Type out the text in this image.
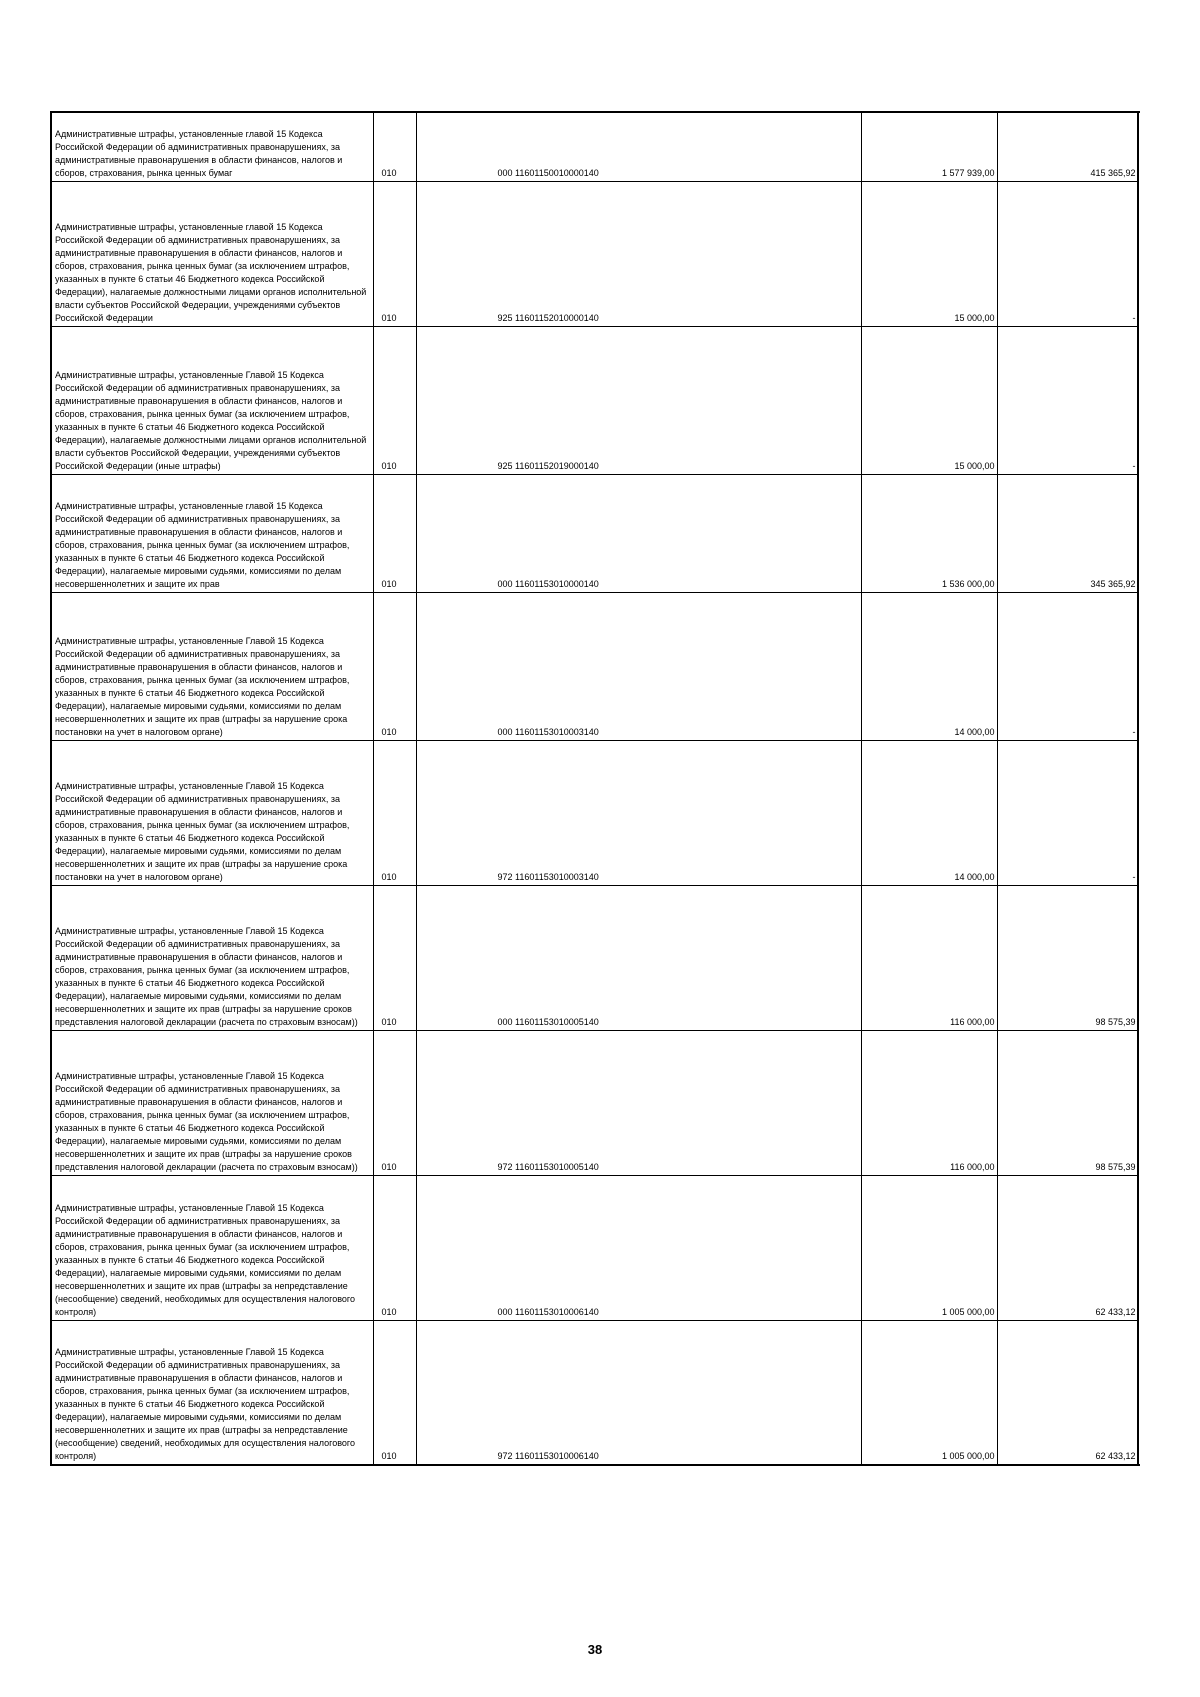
Административные штрафы, установленные главой 15 Кодекса Российской Федерации об административных правонарушениях, за административные правонарушения в области финансов, налогов и сборов, страхования, рынка ценных бумаг	010	000 11601150010000140	1 577 939,00	415 365,92	
Административные штрафы, установленные главой 15 Кодекса Российской Федерации об административных правонарушениях, за административные правонарушения в области финансов, налогов и сборов, страхования, рынка ценных бумаг (за исключением штрафов, указанных в пункте 6 статьи 46 Бюджетного кодекса Российской Федерации), налагаемые должностными лицами органов исполнительной власти субъектов Российской Федерации, учреждениями субъектов Российской Федерации	010	925 11601152010000140	15 000,00	-	
Административные штрафы, установленные Главой 15 Кодекса Российской Федерации об административных правонарушениях, за административные правонарушения в области финансов, налогов и сборов, страхования, рынка ценных бумаг (за исключением штрафов, указанных в пункте 6 статьи 46 Бюджетного кодекса Российской Федерации), налагаемые должностными лицами органов исполнительной власти субъектов Российской Федерации, учреждениями субъектов Российской Федерации (иные штрафы)	010	925 11601152019000140	15 000,00	-	
Административные штрафы, установленные главой 15 Кодекса Российской Федерации об административных правонарушениях, за административные правонарушения в области финансов, налогов и сборов, страхования, рынка ценных бумаг (за исключением штрафов, указанных в пункте 6 статьи 46 Бюджетного кодекса Российской Федерации), налагаемые мировыми судьями, комиссиями по делам несовершеннолетних и защите их прав	010	000 11601153010000140	1 536 000,00	345 365,92	
Административные штрафы, установленные Главой 15 Кодекса Российской Федерации об административных правонарушениях, за административные правонарушения в области финансов, налогов и сборов, страхования, рынка ценных бумаг (за исключением штрафов, указанных в пункте 6 статьи 46 Бюджетного кодекса Российской Федерации), налагаемые мировыми судьями, комиссиями по делам несовершеннолетних и защите их прав (штрафы за нарушение срока постановки на учет в налоговом органе)	010	000 11601153010003140	14 000,00	-	
Административные штрафы, установленные Главой 15 Кодекса Российской Федерации об административных правонарушениях, за административные правонарушения в области финансов, налогов и сборов, страхования, рынка ценных бумаг (за исключением штрафов, указанных в пункте 6 статьи 46 Бюджетного кодекса Российской Федерации), налагаемые мировыми судьями, комиссиями по делам несовершеннолетних и защите их прав (штрафы за нарушение срока постановки на учет в налоговом органе)	010	972 11601153010003140	14 000,00	-	
Административные штрафы, установленные Главой 15 Кодекса Российской Федерации об административных правонарушениях, за административные правонарушения в области финансов, налогов и сборов, страхования, рынка ценных бумаг (за исключением штрафов, указанных в пункте 6 статьи 46 Бюджетного кодекса Российской Федерации), налагаемые мировыми судьями, комиссиями по делам несовершеннолетних и защите их прав (штрафы за нарушение сроков представления налоговой декларации (расчета по страховым взносам))	010	000 11601153010005140	116 000,00	98 575,39	
Административные штрафы, установленные Главой 15 Кодекса Российской Федерации об административных правонарушениях, за административные правонарушения в области финансов, налогов и сборов, страхования, рынка ценных бумаг (за исключением штрафов, указанных в пункте 6 статьи 46 Бюджетного кодекса Российской Федерации), налагаемые мировыми судьями, комиссиями по делам несовершеннолетних и защите их прав (штрафы за нарушение сроков представления налоговой декларации (расчета по страховым взносам))	010	972 11601153010005140	116 000,00	98 575,39	
Административные штрафы, установленные Главой 15 Кодекса Российской Федерации об административных правонарушениях, за административные правонарушения в области финансов, налогов и сборов, страхования, рынка ценных бумаг (за исключением штрафов, указанных в пункте 6 статьи 46 Бюджетного кодекса Российской Федерации), налагаемые мировыми судьями, комиссиями по делам несовершеннолетних и защите их прав (штрафы за непредставление (несообщение) сведений, необходимых для осуществления налогового контроля)	010	000 11601153010006140	1 005 000,00	62 433,12	
Административные штрафы, установленные Главой 15 Кодекса Российской Федерации об административных правонарушениях, за административные правонарушения в области финансов, налогов и сборов, страхования, рынка ценных бумаг (за исключением штрафов, указанных в пункте 6 статьи 46 Бюджетного кодекса Российской Федерации), налагаемые мировыми судьями, комиссиями по делам несовершеннолетних и защите их прав (штрафы за непредставление (несообщение) сведений, необходимых для осуществления налогового контроля)	010	972 11601153010006140	1 005 000,00	62 433,12	
38
